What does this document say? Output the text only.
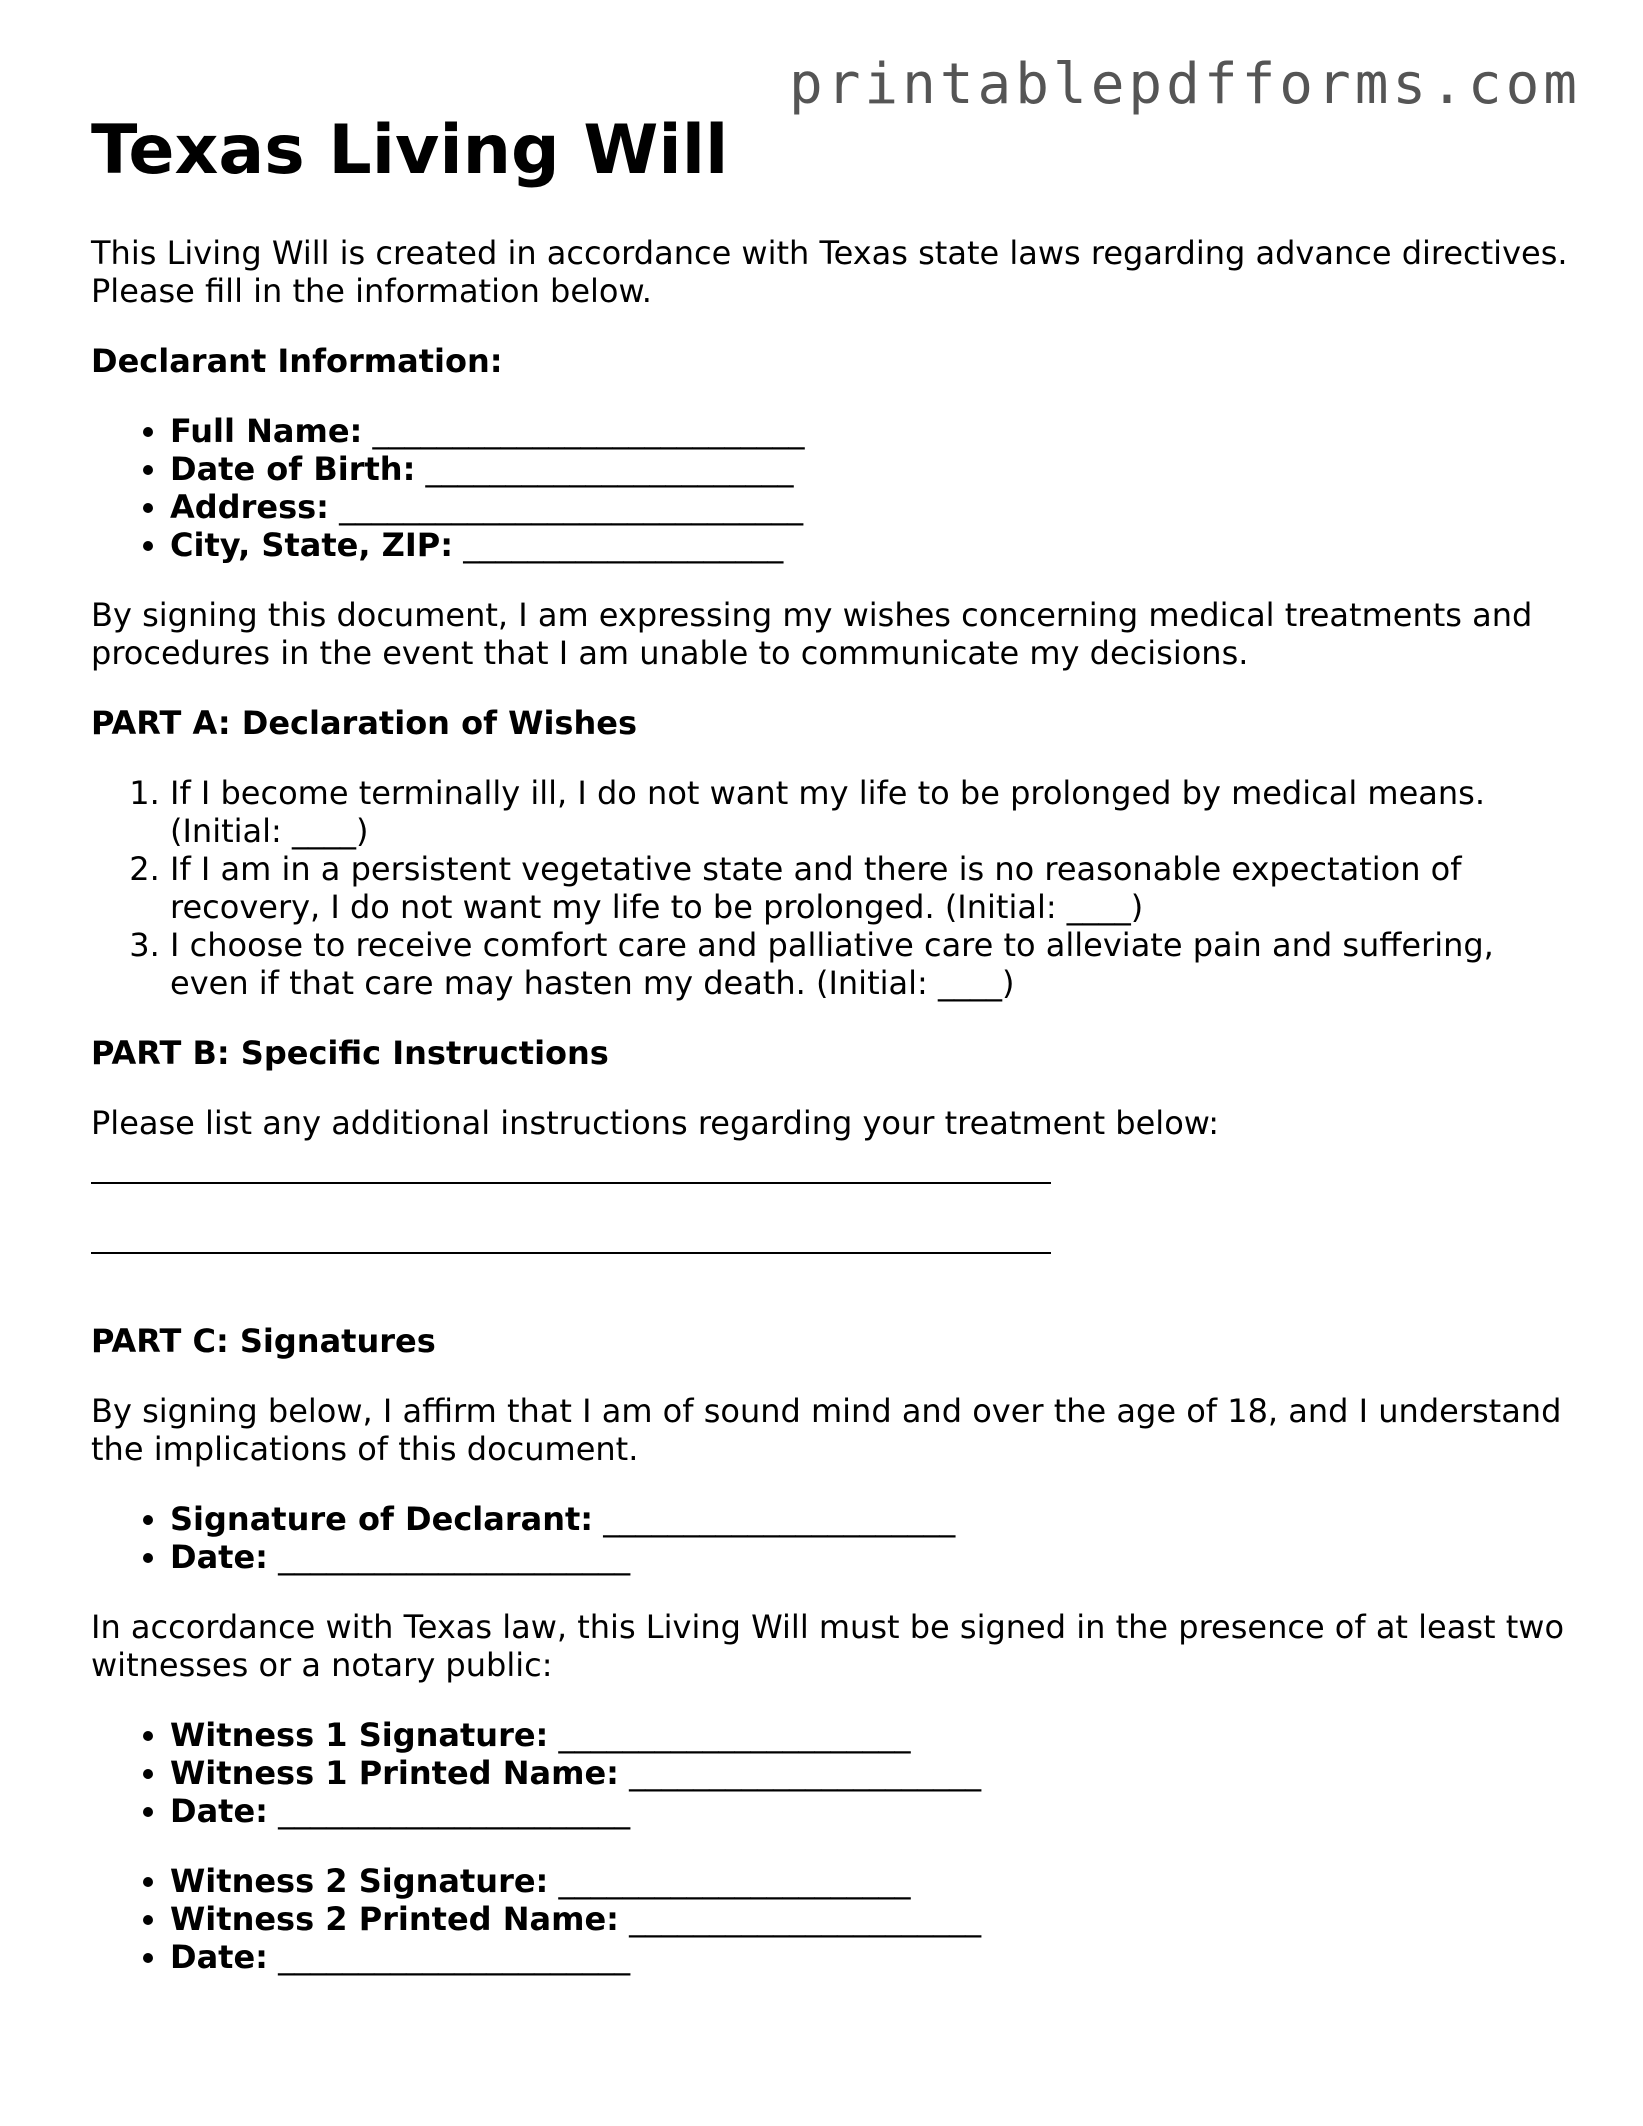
printablepdfforms.com
Texas Living Will

This Living Will is created in accordance with Texas state laws regarding advance directives. Please fill in the information below.

Declarant Information:

• Full Name: ___________________________
• Date of Birth: _______________________
• Address: _____________________________
• City, State, ZIP: ____________________

By signing this document, I am expressing my wishes concerning medical treatments and procedures in the event that I am unable to communicate my decisions.

PART A: Declaration of Wishes

1. If I become terminally ill, I do not want my life to be prolonged by medical means. (Initial: ____)
2. If I am in a persistent vegetative state and there is no reasonable expectation of recovery, I do not want my life to be prolonged. (Initial: ____)
3. I choose to receive comfort care and palliative care to alleviate pain and suffering, even if that care may hasten my death. (Initial: ____)

PART B: Specific Instructions

Please list any additional instructions regarding your treatment below:

PART C: Signatures

By signing below, I affirm that I am of sound mind and over the age of 18, and I understand the implications of this document.

• Signature of Declarant: ______________________
• Date: ______________________

In accordance with Texas law, this Living Will must be signed in the presence of at least two witnesses or a notary public:

• Witness 1 Signature: ______________________
• Witness 1 Printed Name: ______________________
• Date: ______________________
• Witness 2 Signature: ______________________
• Witness 2 Printed Name: ______________________
• Date: ______________________
